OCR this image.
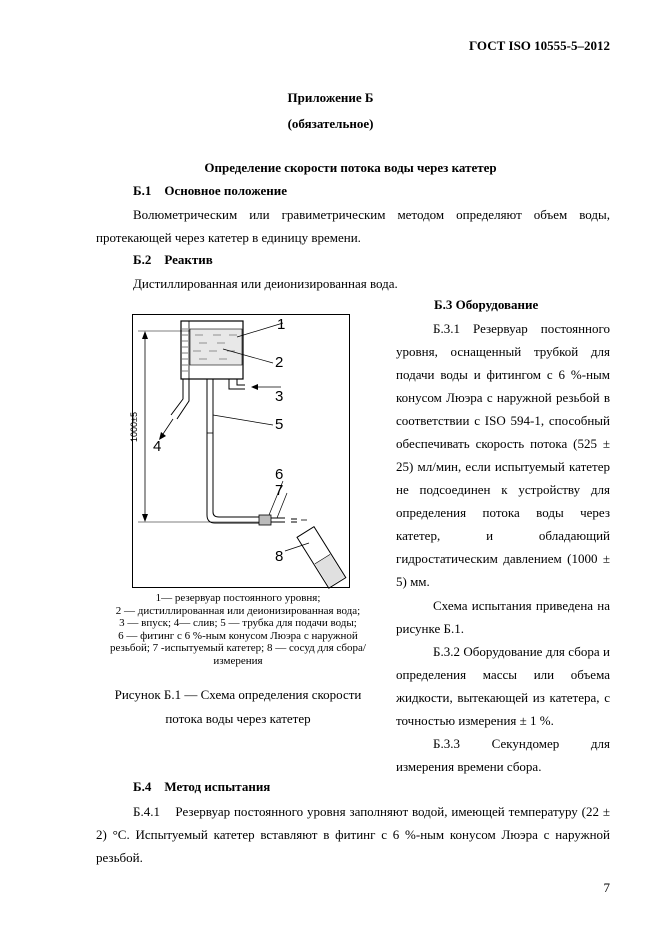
ГОСТ ISO 10555-5–2012
Приложение Б
(обязательное)
Определение скорости потока воды через катетер
Б.1    Основное положение
Волюметрическим или гравиметрическим методом определяют объем воды, протекающей через катетер в единицу времени.
Б.2    Реактив
Дистиллированная или деионизированная вода.
1000±5
1
2
3
4
5
6
7
8
1— резервуар постоянного уровня;
2 — дистиллированная или деионизированная вода;
3 — впуск; 4— слив; 5 — трубка для подачи воды;
6 — фитинг с 6 %-ным конусом Люэра с наружной резьбой; 7 -испытуемый катетер; 8 — сосуд для сбора/измерения
Рисунок Б.1 — Схема определения скорости
потока воды через катетер
Б.3 Оборудование
Б.3.1 Резервуар постоянного уровня, оснащенный трубкой для подачи воды и фитингом с 6 %-ным конусом Люэра с наружной резьбой в соответствии с ISO 594-1, способный обеспечивать скорость потока (525 ± 25) мл/мин, если испытуемый катетер не подсоединен к устройству для определения потока воды через катетер, и обладающий гидростатическим давлением (1000 ± 5) мм.
Схема испытания приведена на рисунке Б.1.
Б.3.2 Оборудование для сбора и определения массы или объема жидкости, вытекающей из катетера, с точностью измерения ± 1 %.
Б.3.3    Секундомер    для измерения времени сбора.
Б.4    Метод испытания
Б.4.1    Резервуар постоянного уровня заполняют водой, имеющей температуру (22 ± 2) °С. Испытуемый катетер вставляют в фитинг с 6 %-ным конусом Люэра с наружной резьбой.
7
